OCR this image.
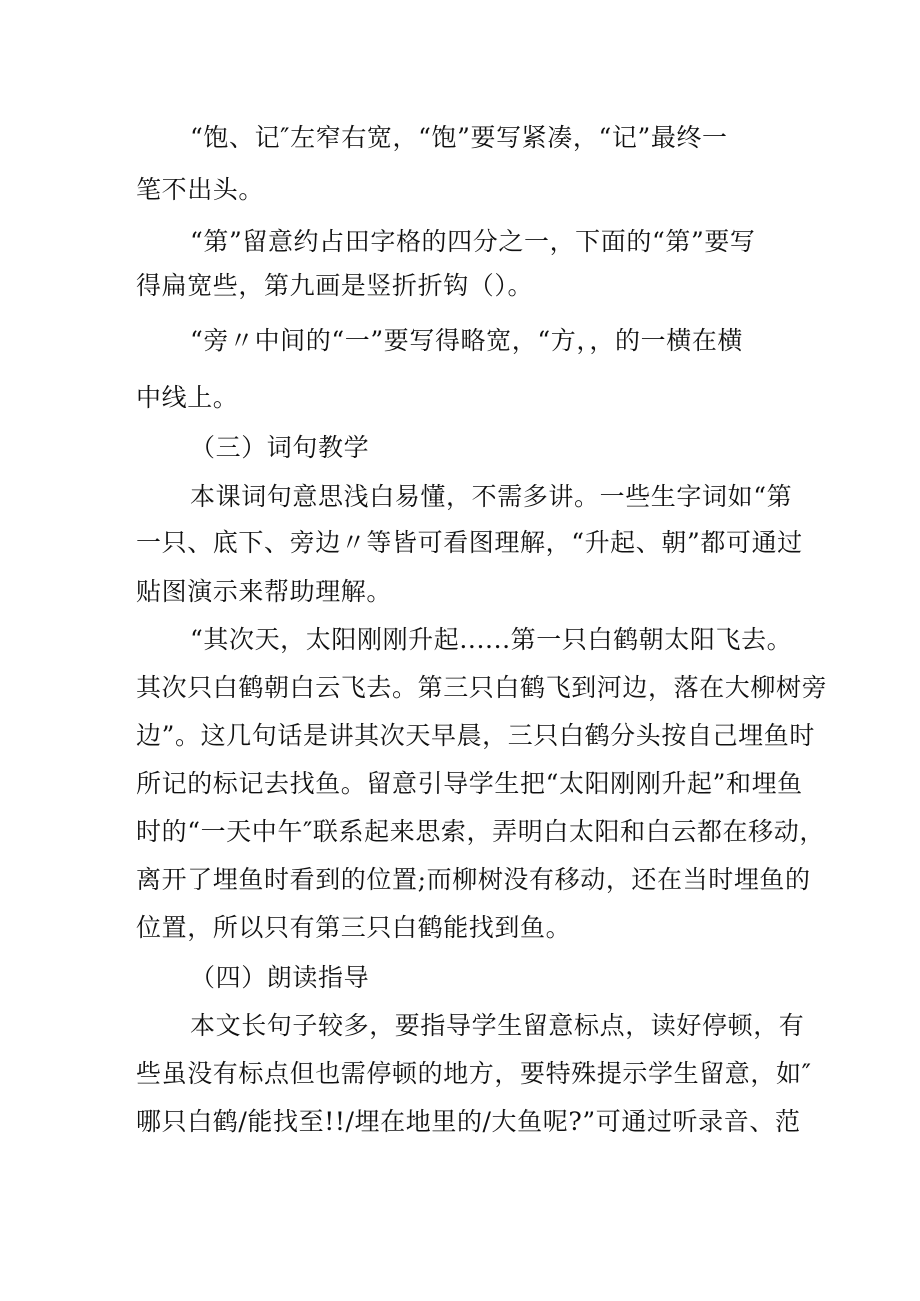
“饱、记″左窄右宽，“饱”要写紧凑，“记”最终一
笔不出头。
“第”留意约占田字格的四分之一，下面的“第”要写
得扁宽些，第九画是竖折折钩（）。
“旁〃中间的“一”要写得略宽，“方，，的一横在横
中线上。
（三）词句教学
本课词句意思浅白易懂，不需多讲。一些生字词如“第
一只、底下、旁边〃等皆可看图理解，“升起、朝”都可通过
贴图演示来帮助理解。
“其次天，太阳刚刚升起......第一只白鹤朝太阳飞去。
其次只白鹤朝白云飞去。第三只白鹤飞到河边，落在大柳树旁
边”。这几句话是讲其次天早晨，三只白鹤分头按自己埋鱼时
所记的标记去找鱼。留意引导学生把“太阳刚刚升起”和埋鱼
时的“一天中午″联系起来思索，弄明白太阳和白云都在移动，
离开了埋鱼时看到的位置;而柳树没有移动，还在当时埋鱼的
位置，所以只有第三只白鹤能找到鱼。
（四）朗读指导
本文长句子较多，要指导学生留意标点，读好停顿，有
些虽没有标点但也需停顿的地方，要特殊提示学生留意，如″
哪只白鹤/能找至!!/埋在地里的/大鱼呢?”可通过听录音、范
